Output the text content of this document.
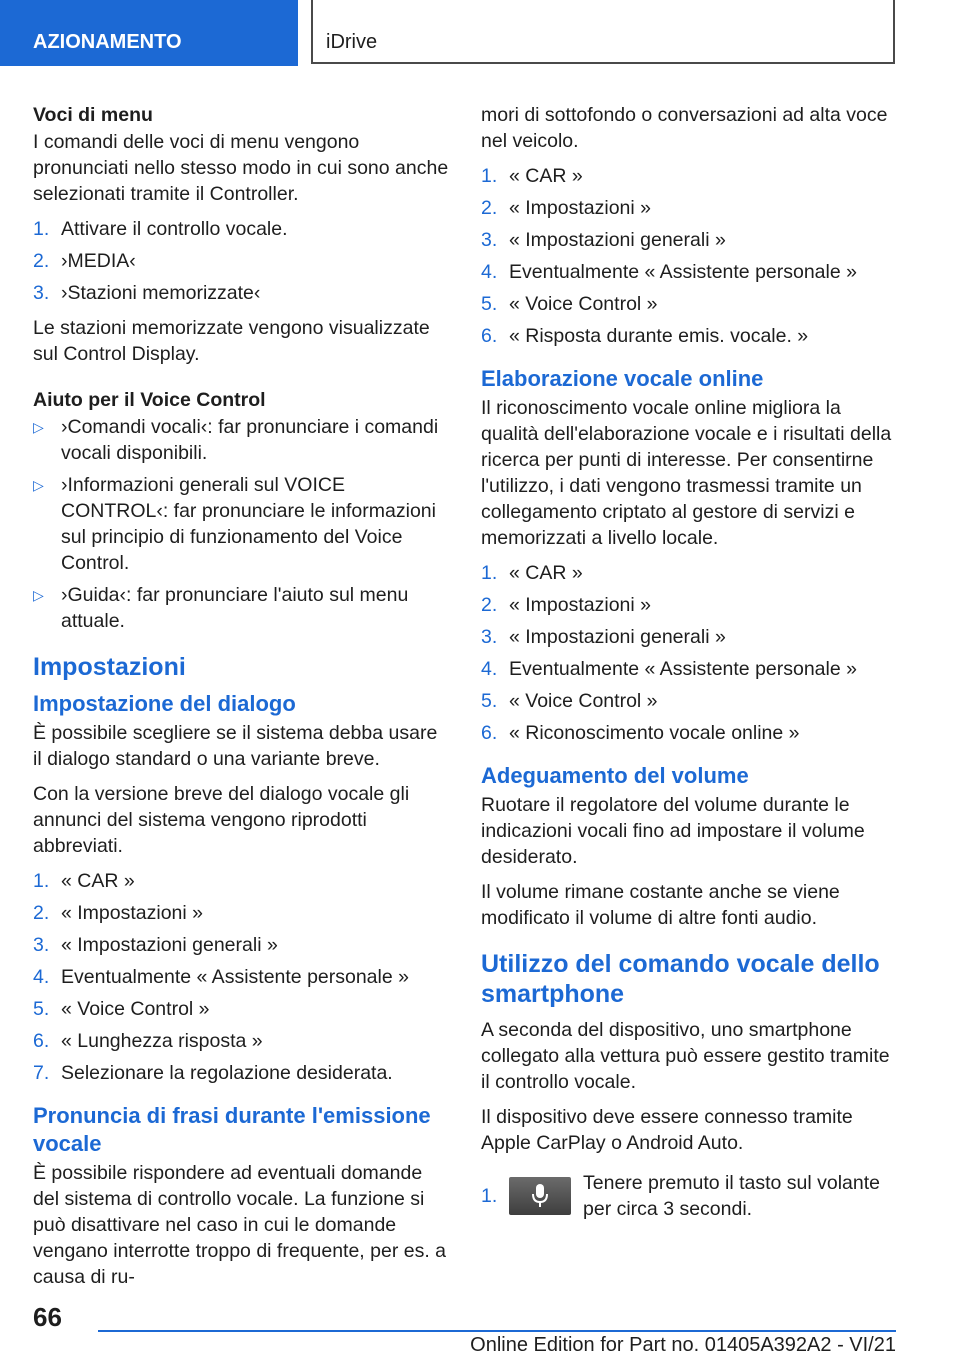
AZIONAMENTO	iDrive

Voci di menu

I comandi delle voci di menu vengono pronunciati nello stesso modo in cui sono anche selezionati tramite il Controller.

1. Attivare il controllo vocale.
2. ›MEDIA‹
3. ›Stazioni memorizzate‹

Le stazioni memorizzate vengono visualizzate sul Control Display.

Aiuto per il Voice Control

▷ ›Comandi vocali‹: far pronunciare i comandi vocali disponibili.
▷ ›Informazioni generali sul VOICE CONTROL‹: far pronunciare le informazioni sul principio di funzionamento del Voice Control.
▷ ›Guida‹: far pronunciare l'aiuto sul menu attuale.
Impostazioni
Impostazione del dialogo

È possibile scegliere se il sistema debba usare il dialogo standard o una variante breve.

Con la versione breve del dialogo vocale gli annunci del sistema vengono riprodotti abbreviati.

1. « CAR »
2. « Impostazioni »
3. « Impostazioni generali »
4. Eventualmente « Assistente personale »
5. « Voice Control »
6. « Lunghezza risposta »
7. Selezionare la regolazione desiderata.
Pronuncia di frasi durante l'emissione vocale

È possibile rispondere ad eventuali domande del sistema di controllo vocale. La funzione si può disattivare nel caso in cui le domande vengano interrotte troppo di frequente, per es. a causa di ru-

mori di sottofondo o conversazioni ad alta voce nel veicolo.

1. « CAR »
2. « Impostazioni »
3. « Impostazioni generali »
4. Eventualmente « Assistente personale »
5. « Voice Control »
6. « Risposta durante emis. vocale. »
Elaborazione vocale online

Il riconoscimento vocale online migliora la qualità dell'elaborazione vocale e i risultati della ricerca per punti di interesse. Per consentirne l'utilizzo, i dati vengono trasmessi tramite un collegamento criptato al gestore di servizi e memorizzati a livello locale.

1. « CAR »
2. « Impostazioni »
3. « Impostazioni generali »
4. Eventualmente « Assistente personale »
5. « Voice Control »
6. « Riconoscimento vocale online »
Adeguamento del volume

Ruotare il regolatore del volume durante le indicazioni vocali fino ad impostare il volume desiderato.

Il volume rimane costante anche se viene modificato il volume di altre fonti audio.

Utilizzo del comando vocale dello smartphone

A seconda del dispositivo, uno smartphone collegato alla vettura può essere gestito tramite il controllo vocale.

Il dispositivo deve essere connesso tramite Apple CarPlay o Android Auto.

1.
Tenere premuto il tasto sul volante per circa 3 secondi.
66
Online Edition for Part no. 01405A392A2 - VI/21
